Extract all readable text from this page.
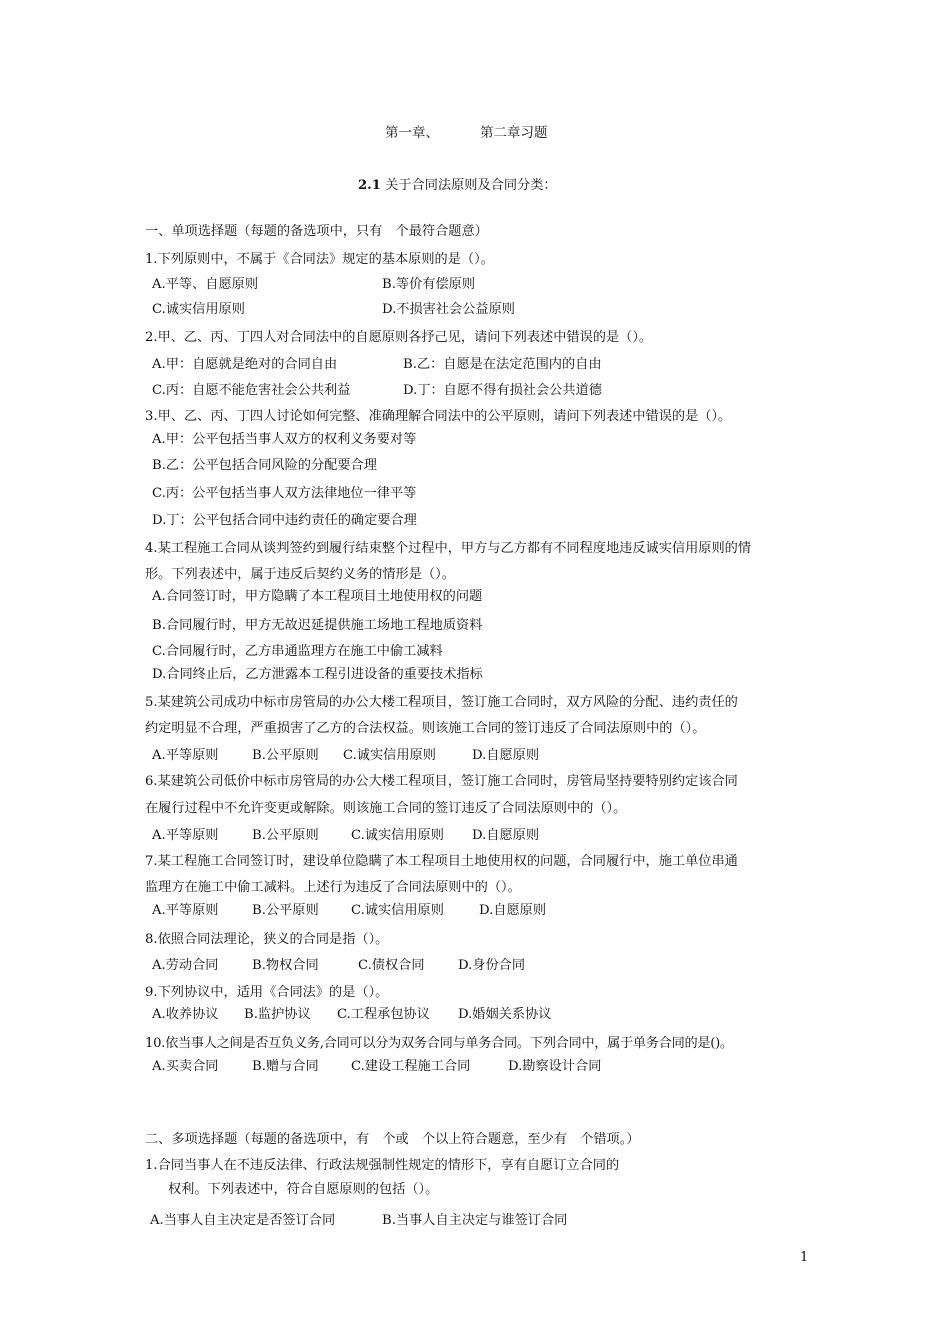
第一章、	第二章习题
2.1 关于合同法原则及合同分类：
一、单项选择题（每题的备选项中，只有　个最符合题意）
1.下列原则中，不属于《合同法》规定的基本原则的是（）。
A.平等、自愿原则	B.等价有偿原则
C.诚实信用原则	D.不损害社会公益原则
2.甲、乙、丙、丁四人对合同法中的自愿原则各抒己见，请问下列表述中错误的是（）。
A.甲：自愿就是绝对的合同自由	B.乙：自愿是在法定范围内的自由
C.丙：自愿不能危害社会公共利益	D.丁：自愿不得有损社会公共道德
3.甲、乙、丙、丁四人讨论如何完整、准确理解合同法中的公平原则，请问下列表述中错误的是（）。
A.甲：公平包括当事人双方的权利义务要对等
B.乙：公平包括合同风险的分配要合理
C.丙：公平包括当事人双方法律地位一律平等
D.丁：公平包括合同中违约责任的确定要合理
4.某工程施工合同从谈判签约到履行结束整个过程中，甲方与乙方都有不同程度地违反诚实信用原则的情
形。下列表述中，属于违反后契约义务的情形是（）。
A.合同签订时，甲方隐瞒了本工程项目土地使用权的问题
B.合同履行时，甲方无故迟延提供施工场地工程地质资料
C.合同履行时，乙方串通监理方在施工中偷工减料
D.合同终止后，乙方泄露本工程引进设备的重要技术指标
5.某建筑公司成功中标市房管局的办公大楼工程项目，签订施工合同时，双方风险的分配、违约责任的
约定明显不合理，严重损害了乙方的合法权益。则该施工合同的签订违反了合同法原则中的（）。
A.平等原则	B.公平原则 C.诚实信用原则	D.自愿原则
6.某建筑公司低价中标市房管局的办公大楼工程项目，签订施工合同时，房管局坚持要特别约定该合同
在履行过程中不允许变更或解除。则该施工合同的签订违反了合同法原则中的（）。
A.平等原则	B.公平原则 C.诚实信用原则 D.自愿原则
7.某工程施工合同签订时，建设单位隐瞒了本工程项目土地使用权的问题，合同履行中，施工单位串通
监理方在施工中偷工减料。上述行为违反了合同法原则中的（）。
A.平等原则	B.公平原则 C.诚实信用原则	D.自愿原则
8.依照合同法理论，狭义的合同是指（）。
A.劳动合同	B.物权合同	C.债权合同	D.身份合同
9.下列协议中，适用《合同法》的是（）。
A.收养协议 B.监护协议 C.工程承包协议 D.婚姻关系协议
10.依当事人之间是否互负义务,合同可以分为双务合同与单务合同。下列合同中，属于单务合同的是()。
A.买卖合同	B.赠与合同 C.建设工程施工合同	D.勘察设计合同
二、多项选择题（每题的备选项中，有　个或　个以上符合题意，至少有　个错项。）
1.合同当事人在不违反法律、行政法规强制性规定的情形下，享有自愿订立合同的
权利。下列表述中，符合自愿原则的包括（）。
A.当事人自主决定是否签订合同	B.当事人自主决定与谁签订合同
1
